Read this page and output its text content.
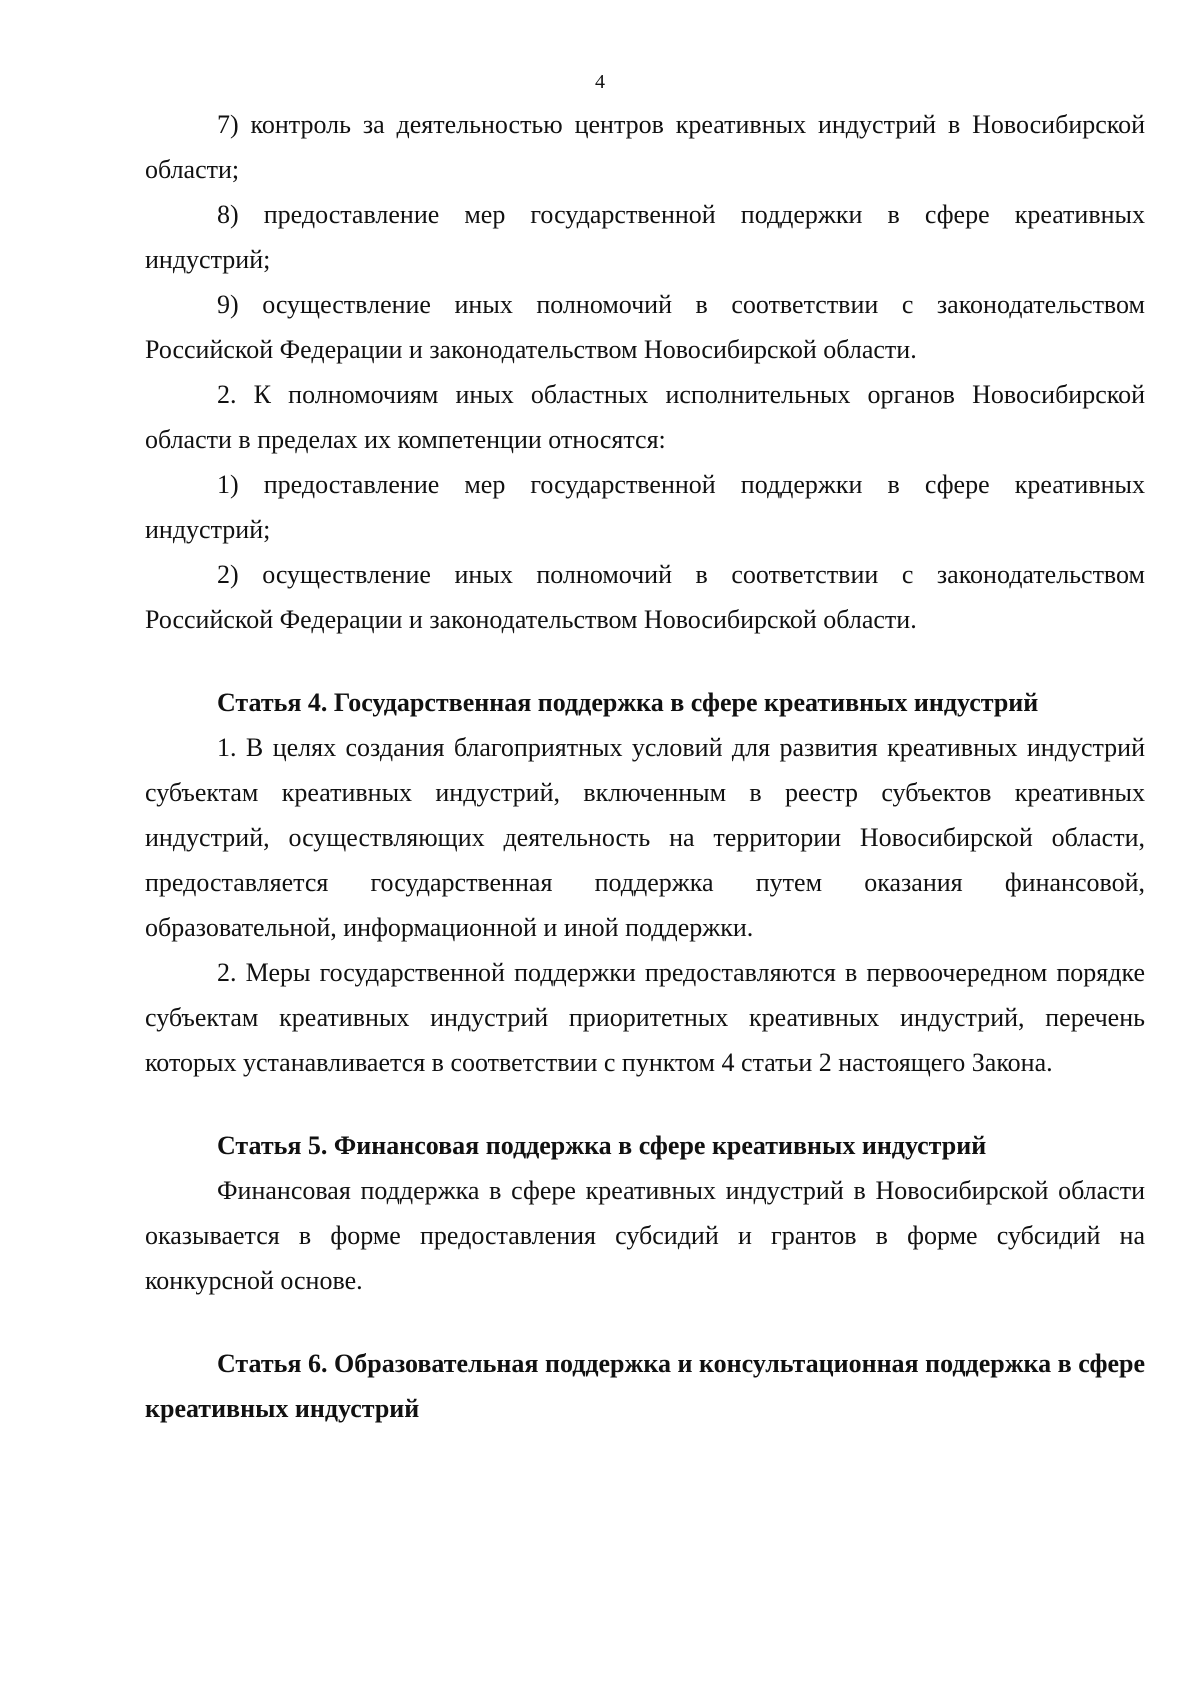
4

7) контроль за деятельностью центров креативных индустрий в Новосибирской области;

8) предоставление мер государственной поддержки в сфере креативных индустрий;

9) осуществление иных полномочий в соответствии с законодательством Российской Федерации и законодательством Новосибирской области.

2. К полномочиям иных областных исполнительных органов Новосибирской области в пределах их компетенции относятся:

1) предоставление мер государственной поддержки в сфере креативных индустрий;

2) осуществление иных полномочий в соответствии с законодательством Российской Федерации и законодательством Новосибирской области.

Статья 4. Государственная поддержка в сфере креативных индустрий

1. В целях создания благоприятных условий для развития креативных индустрий субъектам креативных индустрий, включенным в реестр субъектов креативных индустрий, осуществляющих деятельность на территории Новосибирской области, предоставляется государственная поддержка путем оказания финансовой, образовательной, информационной и иной поддержки.

2. Меры государственной поддержки предоставляются в первоочередном порядке субъектам креативных индустрий приоритетных креативных индустрий, перечень которых устанавливается в соответствии с пунктом 4 статьи 2 настоящего Закона.

Статья 5. Финансовая поддержка в сфере креативных индустрий

Финансовая поддержка в сфере креативных индустрий в Новосибирской области оказывается в форме предоставления субсидий и грантов в форме субсидий на конкурсной основе.

Статья 6. Образовательная поддержка и консультационная поддержка в сфере креативных индустрий
